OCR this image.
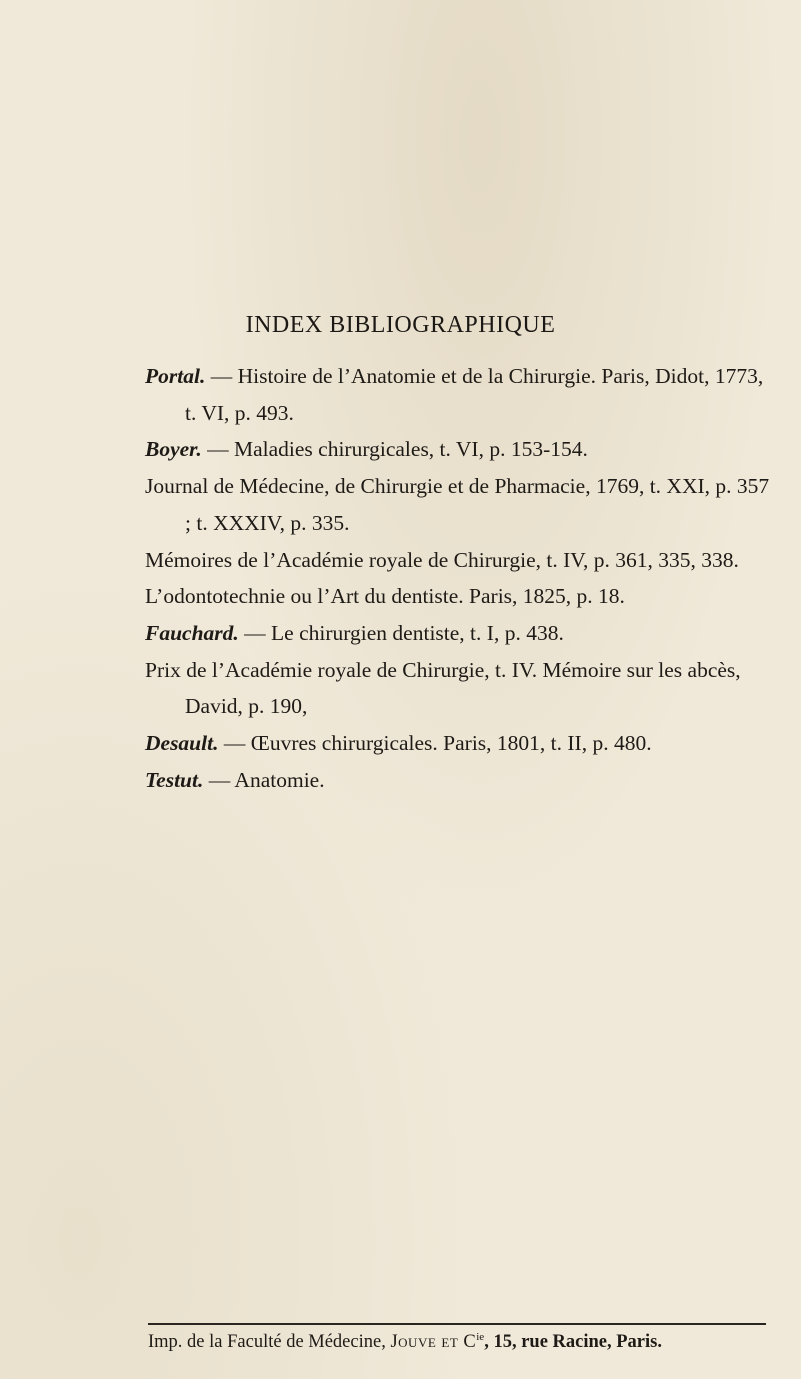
INDEX BIBLIOGRAPHIQUE

Portal. — Histoire de l’Anatomie et de la Chirurgie. Paris, Didot, 1773, t. VI, p. 493.

Boyer. — Maladies chirurgicales, t. VI, p. 153-154.

Journal de Médecine, de Chirurgie et de Pharmacie, 1769, t. XXI, p. 357 ; t. XXXIV, p. 335.

Mémoires de l’Académie royale de Chirurgie, t. IV, p. 361, 335, 338.

L’odontotechnie ou l’Art du dentiste. Paris, 1825, p. 18.

Fauchard. — Le chirurgien dentiste, t. I, p. 438.

Prix de l’Académie royale de Chirurgie, t. IV. Mémoire sur les abcès, David, p. 190,

Desault. — Œuvres chirurgicales. Paris, 1801, t. II, p. 480.

Testut. — Anatomie.

Imp. de la Faculté de Médecine, Jouve et $C^{ie}$, 15, rue Racine, Paris.
